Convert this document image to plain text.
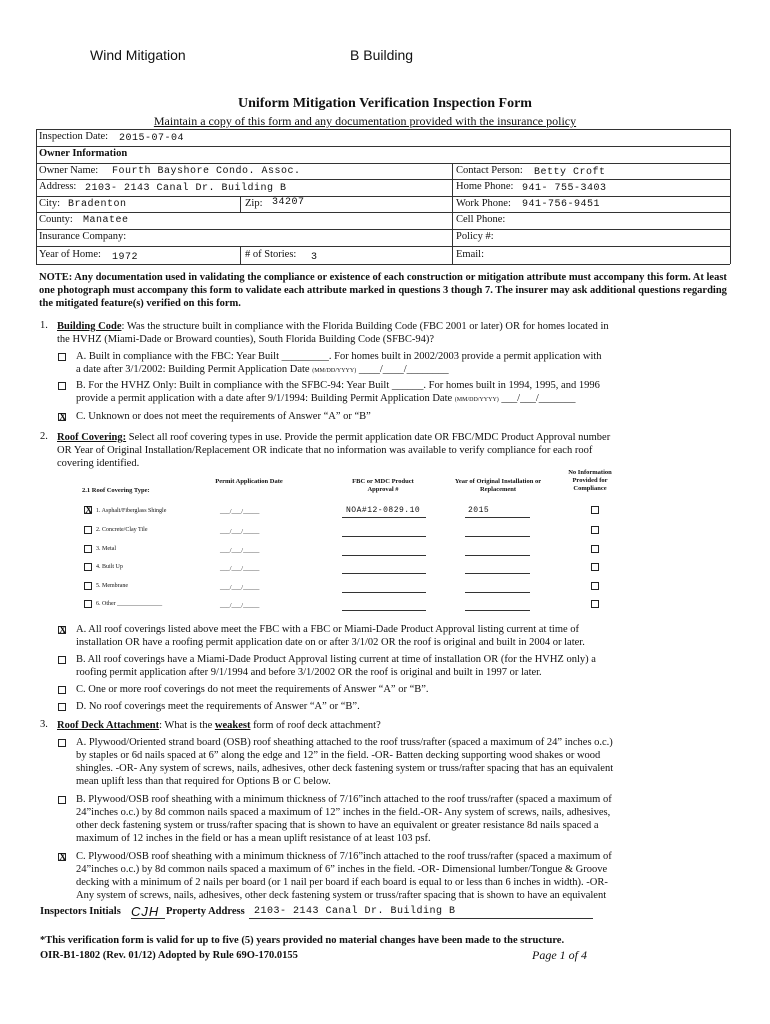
Wind Mitigation	B Building
Uniform Mitigation Verification Inspection Form
Maintain a copy of this form and any documentation provided with the insurance policy
Inspection Date: 2015-07-04
Owner Information
Owner Name: Fourth Bayshore Condo. Assoc.	Contact Person: Betty Croft
Address: 2103- 2143 Canal Dr. Building B	Home Phone: 941- 755-3403
City: Bradenton	Zip: 34207	Work Phone: 941-756-9451
County: Manatee	Cell Phone:
Insurance Company:	Policy #:
Year of Home: 1972	# of Stories: 3	Email:
NOTE: Any documentation used in validating the compliance or existence of each construction or mitigation attribute must accompany this form. At least one photograph must accompany this form to validate each attribute marked in questions 3 though 7. The insurer may ask additional questions regarding the mitigated feature(s) verified on this form.
1. Building Code: Was the structure built in compliance with the Florida Building Code (FBC 2001 or later) OR for homes located in
the HVHZ (Miami-Dade or Broward counties), South Florida Building Code (SFBC-94)?
A. Built in compliance with the FBC: Year Built _________. For homes built in 2002/2003 provide a permit application with
a date after 3/1/2002: Building Permit Application Date (MM/DD/YYYY) ____/____/________
B. For the HVHZ Only: Built in compliance with the SFBC-94: Year Built ______. For homes built in 1994, 1995, and 1996
provide a permit application with a date after 9/1/1994: Building Permit Application Date (MM/DD/YYYY) ___/___/_______
X C. Unknown or does not meet the requirements of Answer “A” or “B”
2. Roof Covering: Select all roof covering types in use. Provide the permit application date OR FBC/MDC Product Approval number
OR Year of Original Installation/Replacement OR indicate that no information was available to verify compliance for each roof
covering identified.
2.1 Roof Covering Type:
Permit Application Date	FBC or MDC Product Approval #
Year of Original Installation or Replacement
No Information Provided for Compliance
X 1. Asphalt/Fiberglass Shingle	___/___/_____	NOA#12-0829.10	2015
2. Concrete/Clay Tile	___/___/_____
3. Metal	___/___/_____
4. Built Up	___/___/_____
5. Membrane	___/___/_____
6. Other _______________	___/___/_____
X A. All roof coverings listed above meet the FBC with a FBC or Miami-Dade Product Approval listing current at time of
installation OR have a roofing permit application date on or after 3/1/02 OR the roof is original and built in 2004 or later.
B. All roof coverings have a Miami-Dade Product Approval listing current at time of installation OR (for the HVHZ only) a
roofing permit application after 9/1/1994 and before 3/1/2002 OR the roof is original and built in 1997 or later.
C. One or more roof coverings do not meet the requirements of Answer “A” or “B”.
D. No roof coverings meet the requirements of Answer “A” or “B”.
3. Roof Deck Attachment: What is the weakest form of roof deck attachment?
A. Plywood/Oriented strand board (OSB) roof sheathing attached to the roof truss/rafter (spaced a maximum of 24” inches o.c.)
by staples or 6d nails spaced at 6” along the edge and 12” in the field. -OR- Batten decking supporting wood shakes or wood
shingles. -OR- Any system of screws, nails, adhesives, other deck fastening system or truss/rafter spacing that has an equivalent
mean uplift less than that required for Options B or C below.
B. Plywood/OSB roof sheathing with a minimum thickness of 7/16”inch attached to the roof truss/rafter (spaced a maximum of
24”inches o.c.) by 8d common nails spaced a maximum of 12” inches in the field.-OR- Any system of screws, nails, adhesives,
other deck fastening system or truss/rafter spacing that is shown to have an equivalent or greater resistance 8d nails spaced a
maximum of 12 inches in the field or has a mean uplift resistance of at least 103 psf.
X C. Plywood/OSB roof sheathing with a minimum thickness of 7/16”inch attached to the roof truss/rafter (spaced a maximum of
24”inches o.c.) by 8d common nails spaced a maximum of 6” inches in the field. -OR- Dimensional lumber/Tongue & Groove
decking with a minimum of 2 nails per board (or 1 nail per board if each board is equal to or less than 6 inches in width). -OR-
Any system of screws, nails, adhesives, other deck fastening system or truss/rafter spacing that is shown to have an equivalent
Inspectors Initials CJH Property Address 2103- 2143 Canal Dr. Building B
*This verification form is valid for up to five (5) years provided no material changes have been made to the structure.
OIR-B1-1802 (Rev. 01/12) Adopted by Rule 69O-170.0155	Page 1 of 4
